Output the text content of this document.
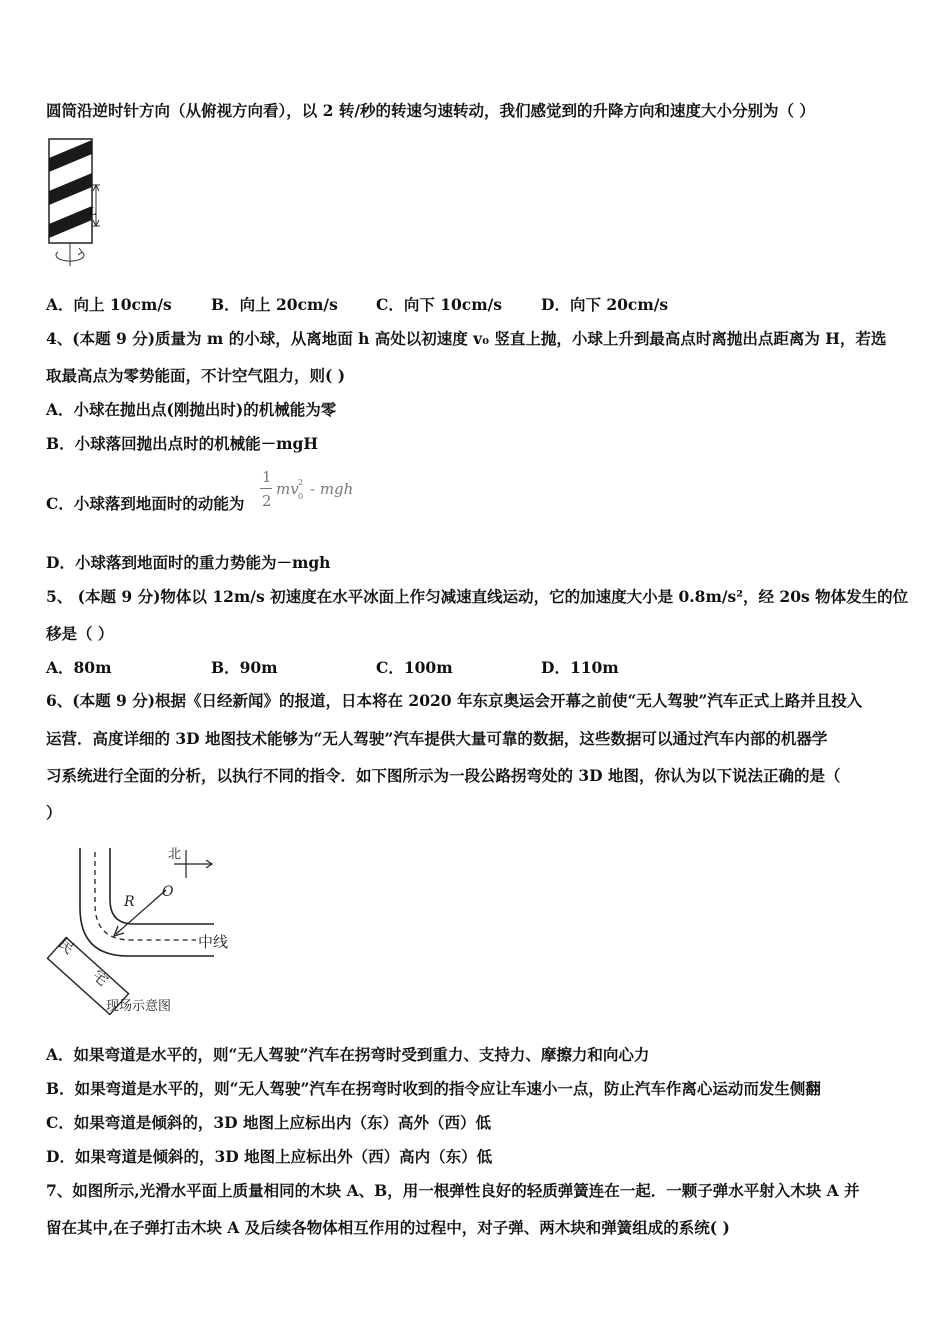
圆筒沿逆时针方向（从俯视方向看），以 2 转/秒的转速匀速转动，我们感觉到的升降方向和速度大小分别为（ ）
L
A．向上 10cm/s	B．向上 20cm/s C．向下 10cm/s	D．向下 20cm/s
4、(本题 9 分)质量为 m 的小球，从离地面 h 高处以初速度 v₀ 竖直上抛，小球上升到最高点时离抛出点距离为 H，若选
取最高点为零势能面，不计空气阻力，则( )
A．小球在抛出点(刚抛出时)的机械能为零
B．小球落回抛出点时的机械能－mgH
C．小球落到地面时的动能为
1
2
mv 2
0 - mgh
D．小球落到地面时的重力势能为－mgh
5、 (本题 9 分)物体以 12m/s 初速度在水平冰面上作匀减速直线运动，它的加速度大小是 0.8m/s²，经 20s 物体发生的位
移是（ ）
A．80m	B．90m	C．100m	D．110m
6、(本题 9 分)根据《日经新闻》的报道，日本将在 2020 年东京奥运会开幕之前使“无人驾驶”汽车正式上路并且投入
运营．高度详细的 3D 地图技术能够为“无人驾驶”汽车提供大量可靠的数据，这些数据可以通过汽车内部的机器学
习系统进行全面的分析，以执行不同的指令．如下图所示为一段公路拐弯处的 3D 地图，你认为以下说法正确的是（
）
O
R
北
中线
民
宅
现场示意图
A．如果弯道是水平的，则“无人驾驶”汽车在拐弯时受到重力、支持力、摩擦力和向心力
B．如果弯道是水平的，则“无人驾驶”汽车在拐弯时收到的指令应让车速小一点，防止汽车作离心运动而发生侧翻
C．如果弯道是倾斜的，3D 地图上应标出内（东）高外（西）低
D．如果弯道是倾斜的，3D 地图上应标出外（西）高内（东）低
7、如图所示,光滑水平面上质量相同的木块 A、B，用一根弹性良好的轻质弹簧连在一起．一颗子弹水平射入木块 A 并
留在其中,在子弹打击木块 A 及后续各物体相互作用的过程中，对子弹、两木块和弹簧组成的系统( )
